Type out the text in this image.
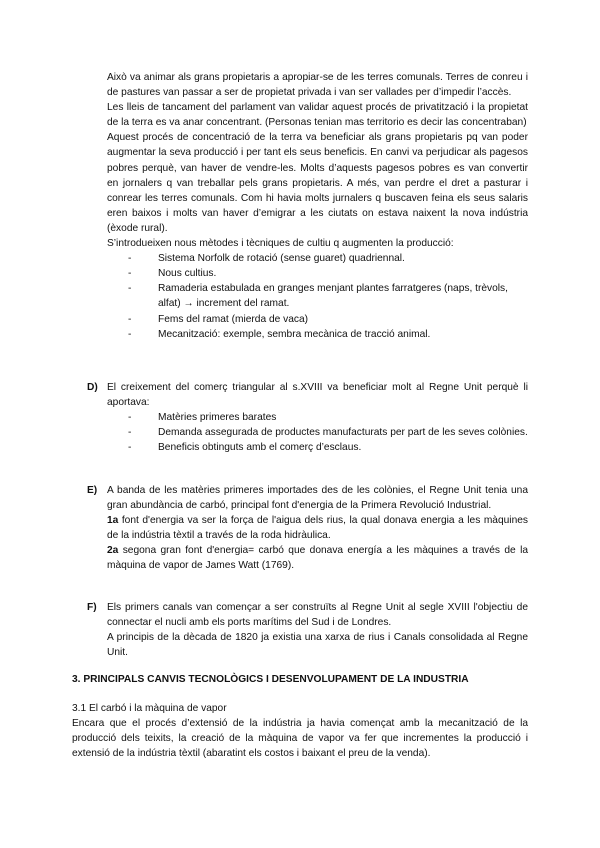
Això va animar als grans propietaris a apropiar-se de les terres comunals. Terres de conreu i de pastures van passar a ser de propietat privada i van ser vallades per d’impedir l’accès.

Les lleis de tancament del parlament van validar aquest procés de privatització i la propietat de la terra es va anar concentrant. (Personas tenian mas territorio es decir las concentraban)

Aquest procés de concentració de la terra va beneficiar als grans propietaris pq van poder augmentar la seva producció i per tant els seus beneficis. En canvi va perjudicar als pagesos pobres perquè, van haver de vendre-les. Molts d’aquests pagesos pobres es van convertir en jornalers q van treballar pels grans propietaris. A més, van perdre el dret a pasturar i conrear les terres comunals. Com hi havia molts jurnalers q buscaven feina els seus salaris eren baixos i molts van haver d’emigrar a les ciutats on estava naixent la nova indústria (èxode rural).

S’introdueixen nous mètodes i tècniques de cultiu q augmenten la producció:

-	Sistema Norfolk de rotació (sense guaret) quadriennal.
-	Nous cultius.
-	Ramaderia estabulada en granges menjant plantes farratgeres (naps, trèvols, alfat) → increment del ramat.
-	Fems del ramat (mierda de vaca)
-	Mecanització: exemple, sembra mecànica de tracció animal.
D) El creixement del comerç triangular al s.XVIII va beneficiar molt al Regne Unit perquè li aportava:

-	Matèries primeres barates
-	Demanda assegurada de productes manufacturats per part de les seves colònies.
-	Beneficis obtinguts amb el comerç d’esclaus.
E) A banda de les matèries primeres importades des de les colònies, el Regne Unit tenia una gran abundància de carbó, principal font d'energia de la Primera Revolució Industrial.

1a font d'energia va ser la força de l'aigua dels rius, la qual donava energia a les màquines de la indústria tèxtil a través de la roda hidràulica.

2a segona gran font d'energia= carbó que donava energía a les màquines a través de la màquina de vapor de James Watt (1769).

F)	Els primers canals van començar a ser construïts al Regne Unit al segle XVIII l'objectiu de connectar el nucli amb els ports marítims del Sud i de Londres.

A principis de la dècada de 1820 ja existia una xarxa de rius i Canals consolidada al Regne Unit.

3. PRINCIPALS CANVIS TECNOLÒGICS I DESENVOLUPAMENT DE LA INDUSTRIA

3.1 El carbó i la màquina de vapor

Encara que el procés d’extensió de la indústria ja havia començat amb la mecanització de la producció dels teixits, la creació de la màquina de vapor va fer que incrementes la producció i extensió de la indústria tèxtil (abaratint els costos i baixant el preu de la venda).
